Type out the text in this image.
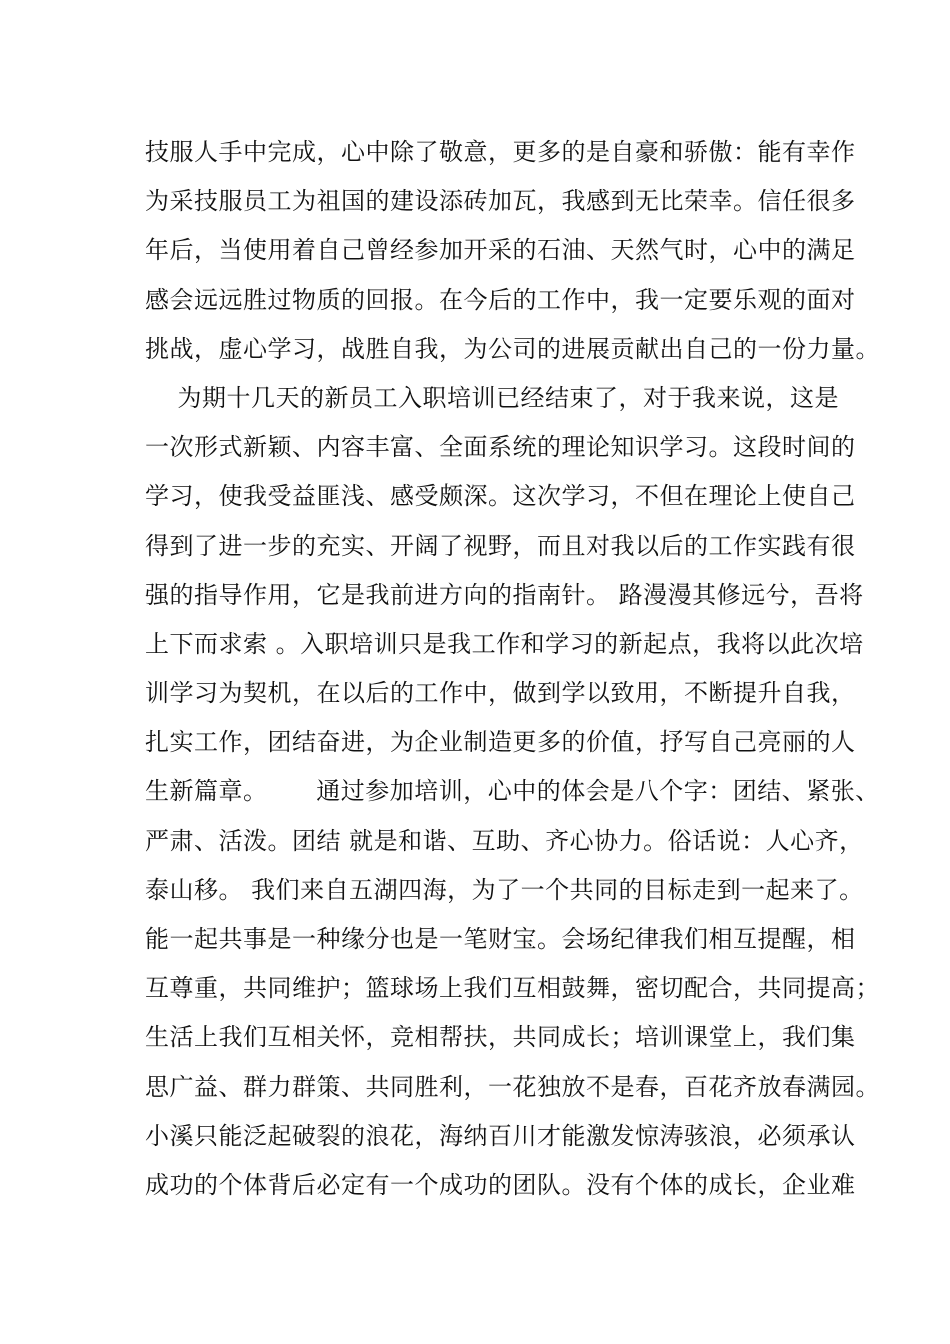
技服人手中完成，心中除了敬意，更多的是自豪和骄傲：能有幸作
为采技服员工为祖国的建设添砖加瓦，我感到无比荣幸。信任很多
年后，当使用着自己曾经参加开采的石油、天然气时，心中的满足
感会远远胜过物质的回报。在今后的工作中，我一定要乐观的面对
挑战，虚心学习，战胜自我，为公司的进展贡献出自己的一份力量。
为期十几天的新员工入职培训已经结束了，对于我来说，这是
一次形式新颖、内容丰富、全面系统的理论知识学习。这段时间的
学习，使我受益匪浅、感受颇深。这次学习，不但在理论上使自己
得到了进一步的充实、开阔了视野，而且对我以后的工作实践有很
强的指导作用，它是我前进方向的指南针。 路漫漫其修远兮，吾将
上下而求索 。入职培训只是我工作和学习的新起点，我将以此次培
训学习为契机，在以后的工作中，做到学以致用，不断提升自我，
扎实工作，团结奋进，为企业制造更多的价值，抒写自己亮丽的人
生新篇章。      通过参加培训，心中的体会是八个字：团结、紧张、
严肃、活泼。团结 就是和谐、互助、齐心协力。俗话说：人心齐，
泰山移。 我们来自五湖四海，为了一个共同的目标走到一起来了。
能一起共事是一种缘分也是一笔财宝。会场纪律我们相互提醒，相
互尊重，共同维护；篮球场上我们互相鼓舞，密切配合，共同提高；
生活上我们互相关怀，竞相帮扶，共同成长；培训课堂上，我们集
思广益、群力群策、共同胜利，一花独放不是春，百花齐放春满园。
小溪只能泛起破裂的浪花，海纳百川才能激发惊涛骇浪，必须承认
成功的个体背后必定有一个成功的团队。没有个体的成长，企业难
